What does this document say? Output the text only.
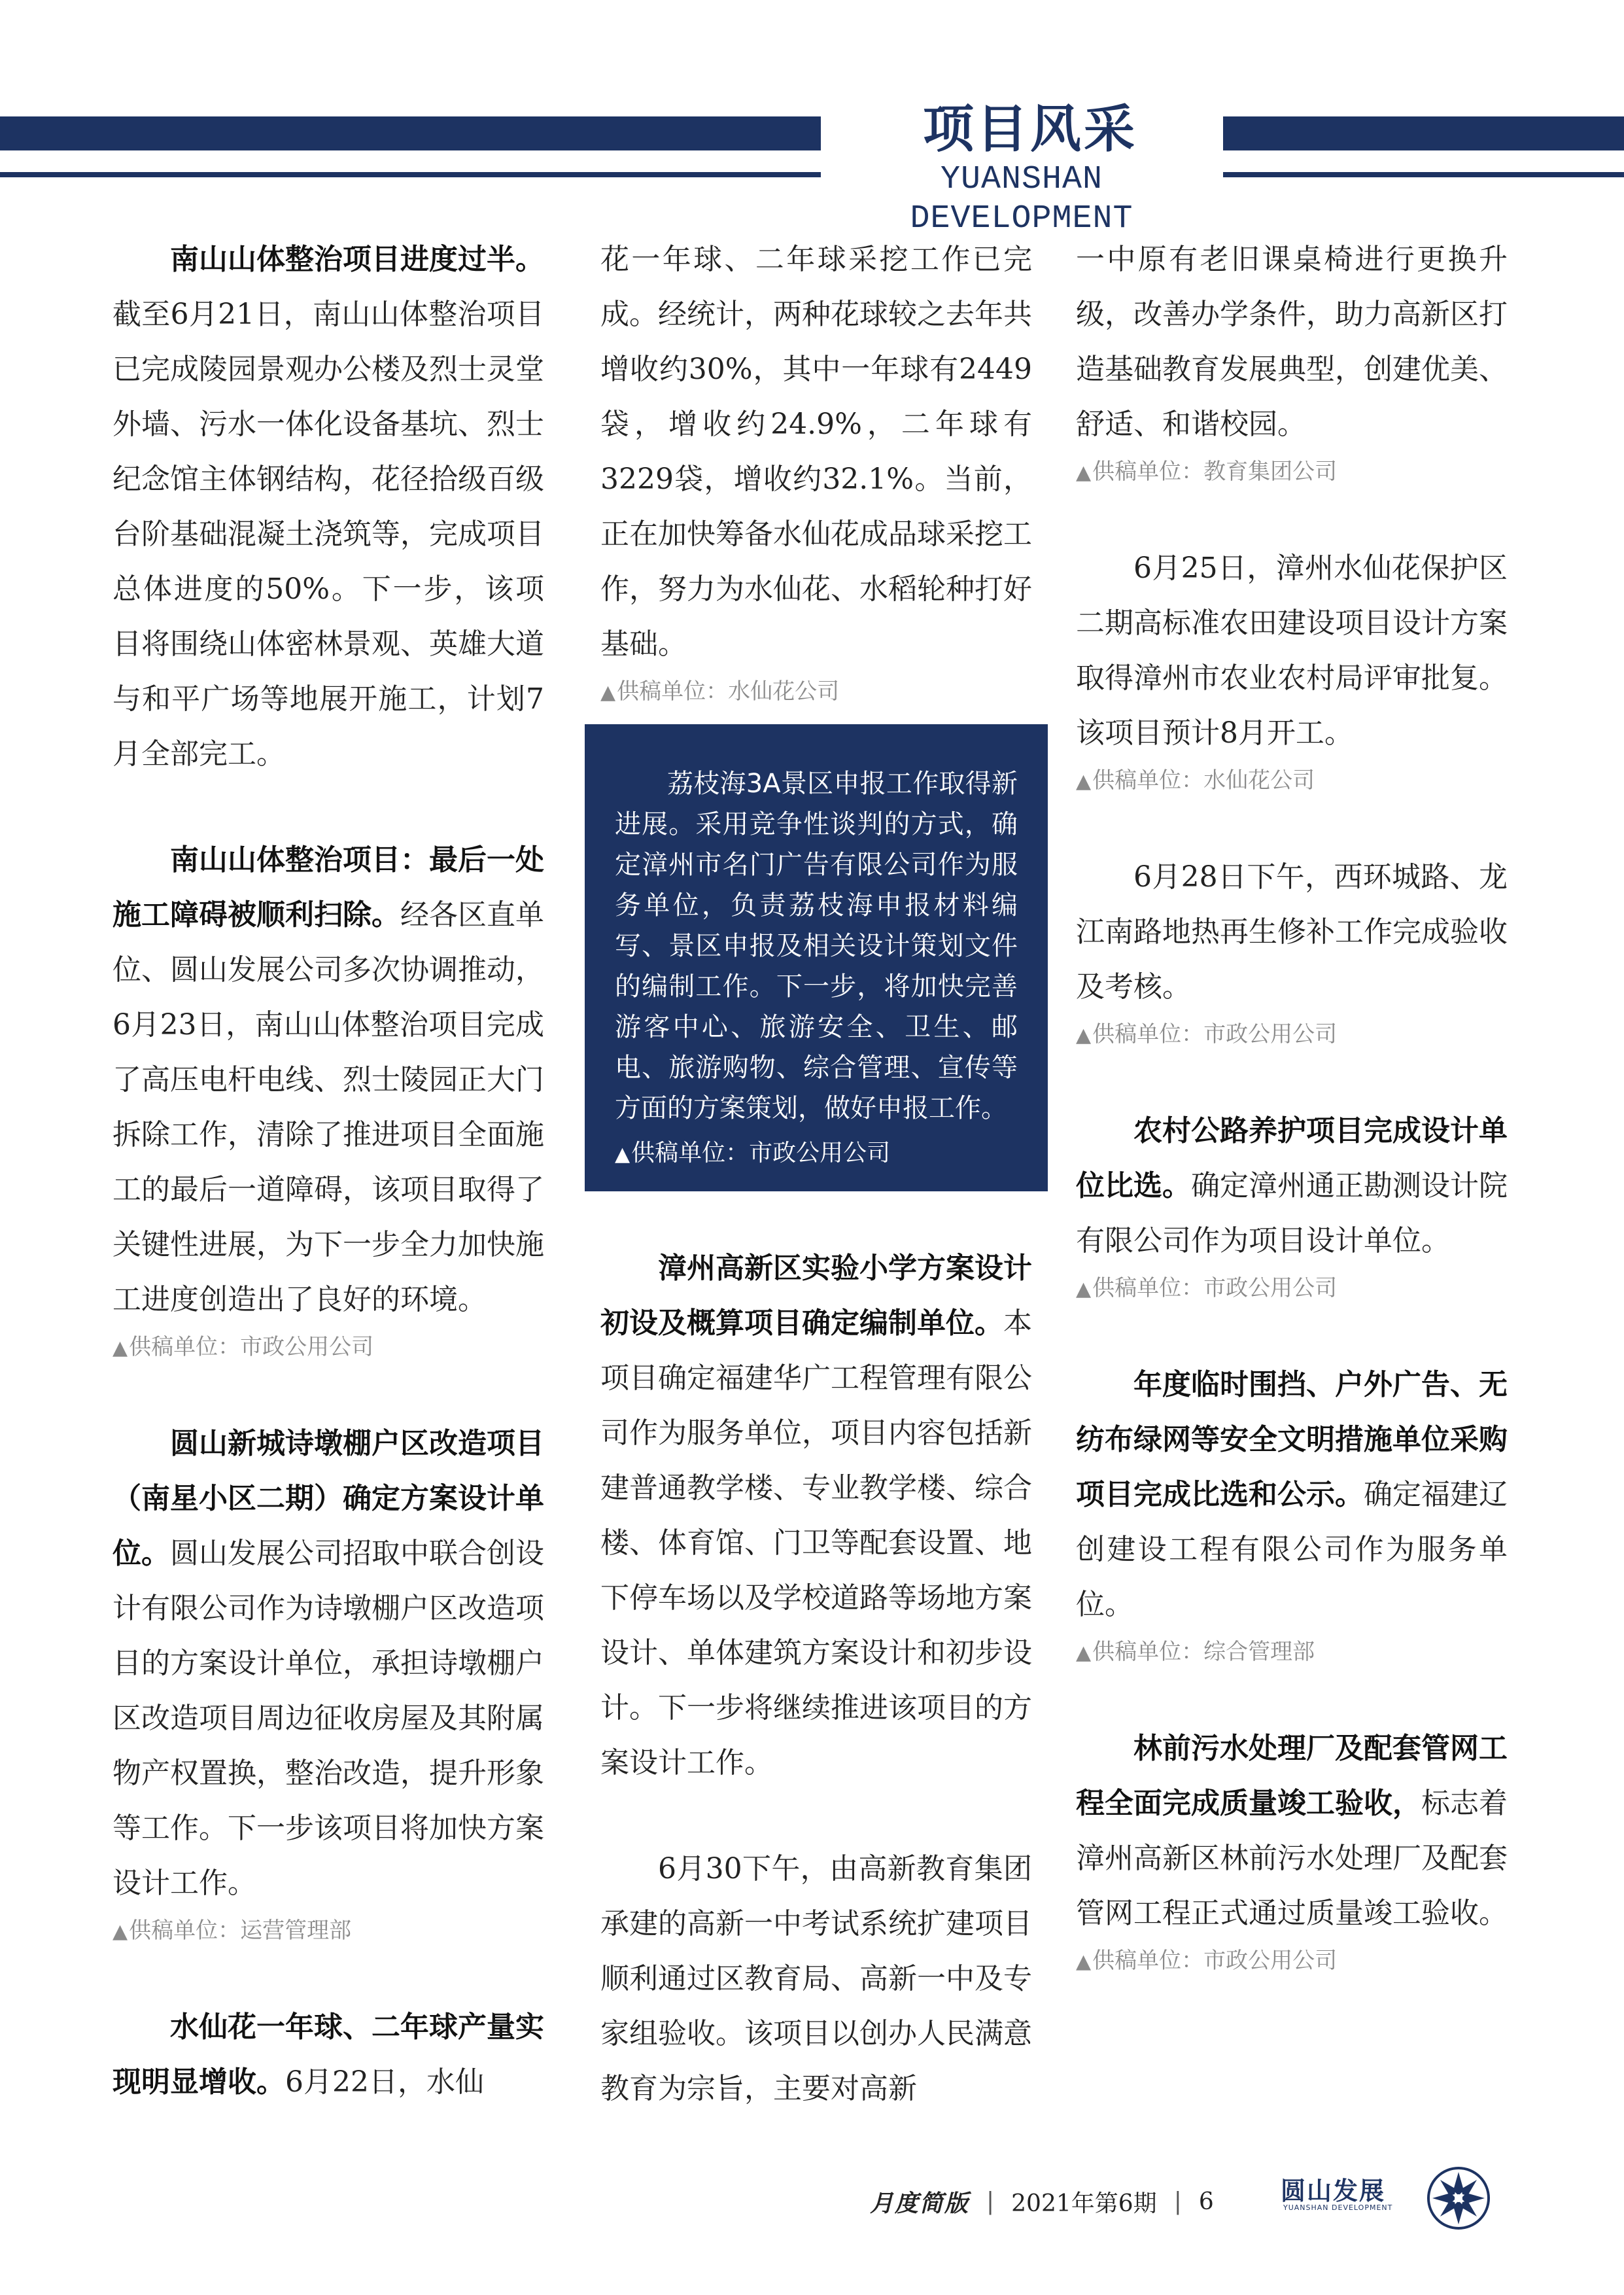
项目风采
YUANSHAN DEVELOPMENT

南山山体整治项目进度过半。截至6月21日，南山山体整治项目已完成陵园景观办公楼及烈士灵堂外墙、污水一体化设备基坑、烈士纪念馆主体钢结构，花径拾级百级台阶基础混凝土浇筑等，完成项目总体进度的50%。下一步，该项目将围绕山体密林景观、英雄大道与和平广场等地展开施工，计划7月全部完工。

南山山体整治项目：最后一处施工障碍被顺利扫除。经各区直单位、圆山发展公司多次协调推动，6月23日，南山山体整治项目完成了高压电杆电线、烈士陵园正大门拆除工作，清除了推进项目全面施工的最后一道障碍，该项目取得了关键性进展，为下一步全力加快施工进度创造出了良好的环境。

▲供稿单位：市政公用公司

圆山新城诗墩棚户区改造项目（南星小区二期）确定方案设计单位。圆山发展公司招取中联合创设计有限公司作为诗墩棚户区改造项目的方案设计单位，承担诗墩棚户区改造项目周边征收房屋及其附属物产权置换，整治改造，提升形象等工作。下一步该项目将加快方案设计工作。

▲供稿单位：运营管理部

水仙花一年球、二年球产量实现明显增收。6月22日，水仙

花一年球、二年球采挖工作已完成。经统计，两种花球较之去年共增收约30%，其中一年球有2449袋，增收约24.9%，二年球有3229袋，增收约32.1%。当前，正在加快筹备水仙花成品球采挖工作，努力为水仙花、水稻轮种打好基础。

▲供稿单位：水仙花公司

荔枝海3A景区申报工作取得新进展。采用竞争性谈判的方式，确定漳州市名门广告有限公司作为服务单位，负责荔枝海申报材料编写、景区申报及相关设计策划文件的编制工作。下一步，将加快完善游客中心、旅游安全、卫生、邮电、旅游购物、综合管理、宣传等方面的方案策划，做好申报工作。

▲供稿单位：市政公用公司

漳州高新区实验小学方案设计初设及概算项目确定编制单位。本项目确定福建华广工程管理有限公司作为服务单位，项目内容包括新建普通教学楼、专业教学楼、综合楼、体育馆、门卫等配套设置、地下停车场以及学校道路等场地方案设计、单体建筑方案设计和初步设计。下一步将继续推进该项目的方案设计工作。

6月30下午，由高新教育集团承建的高新一中考试系统扩建项目顺利通过区教育局、高新一中及专家组验收。该项目以创办人民满意教育为宗旨，主要对高新

一中原有老旧课桌椅进行更换升级，改善办学条件，助力高新区打造基础教育发展典型，创建优美、舒适、和谐校园。

▲供稿单位：教育集团公司

6月25日，漳州水仙花保护区二期高标准农田建设项目设计方案取得漳州市农业农村局评审批复。该项目预计8月开工。

▲供稿单位：水仙花公司

6月28日下午，西环城路、龙江南路地热再生修补工作完成验收及考核。

▲供稿单位：市政公用公司

农村公路养护项目完成设计单位比选。确定漳州通正勘测设计院有限公司作为项目设计单位。

▲供稿单位：市政公用公司

年度临时围挡、户外广告、无纺布绿网等安全文明措施单位采购项目完成比选和公示。确定福建辽创建设工程有限公司作为服务单位。

▲供稿单位：综合管理部

林前污水处理厂及配套管网工程全面完成质量竣工验收，标志着漳州高新区林前污水处理厂及配套管网工程正式通过质量竣工验收。

▲供稿单位：市政公用公司
月度简版 | 2021年第6期 | 6	圆山发展
YUANSHAN DEVELOPMENT
